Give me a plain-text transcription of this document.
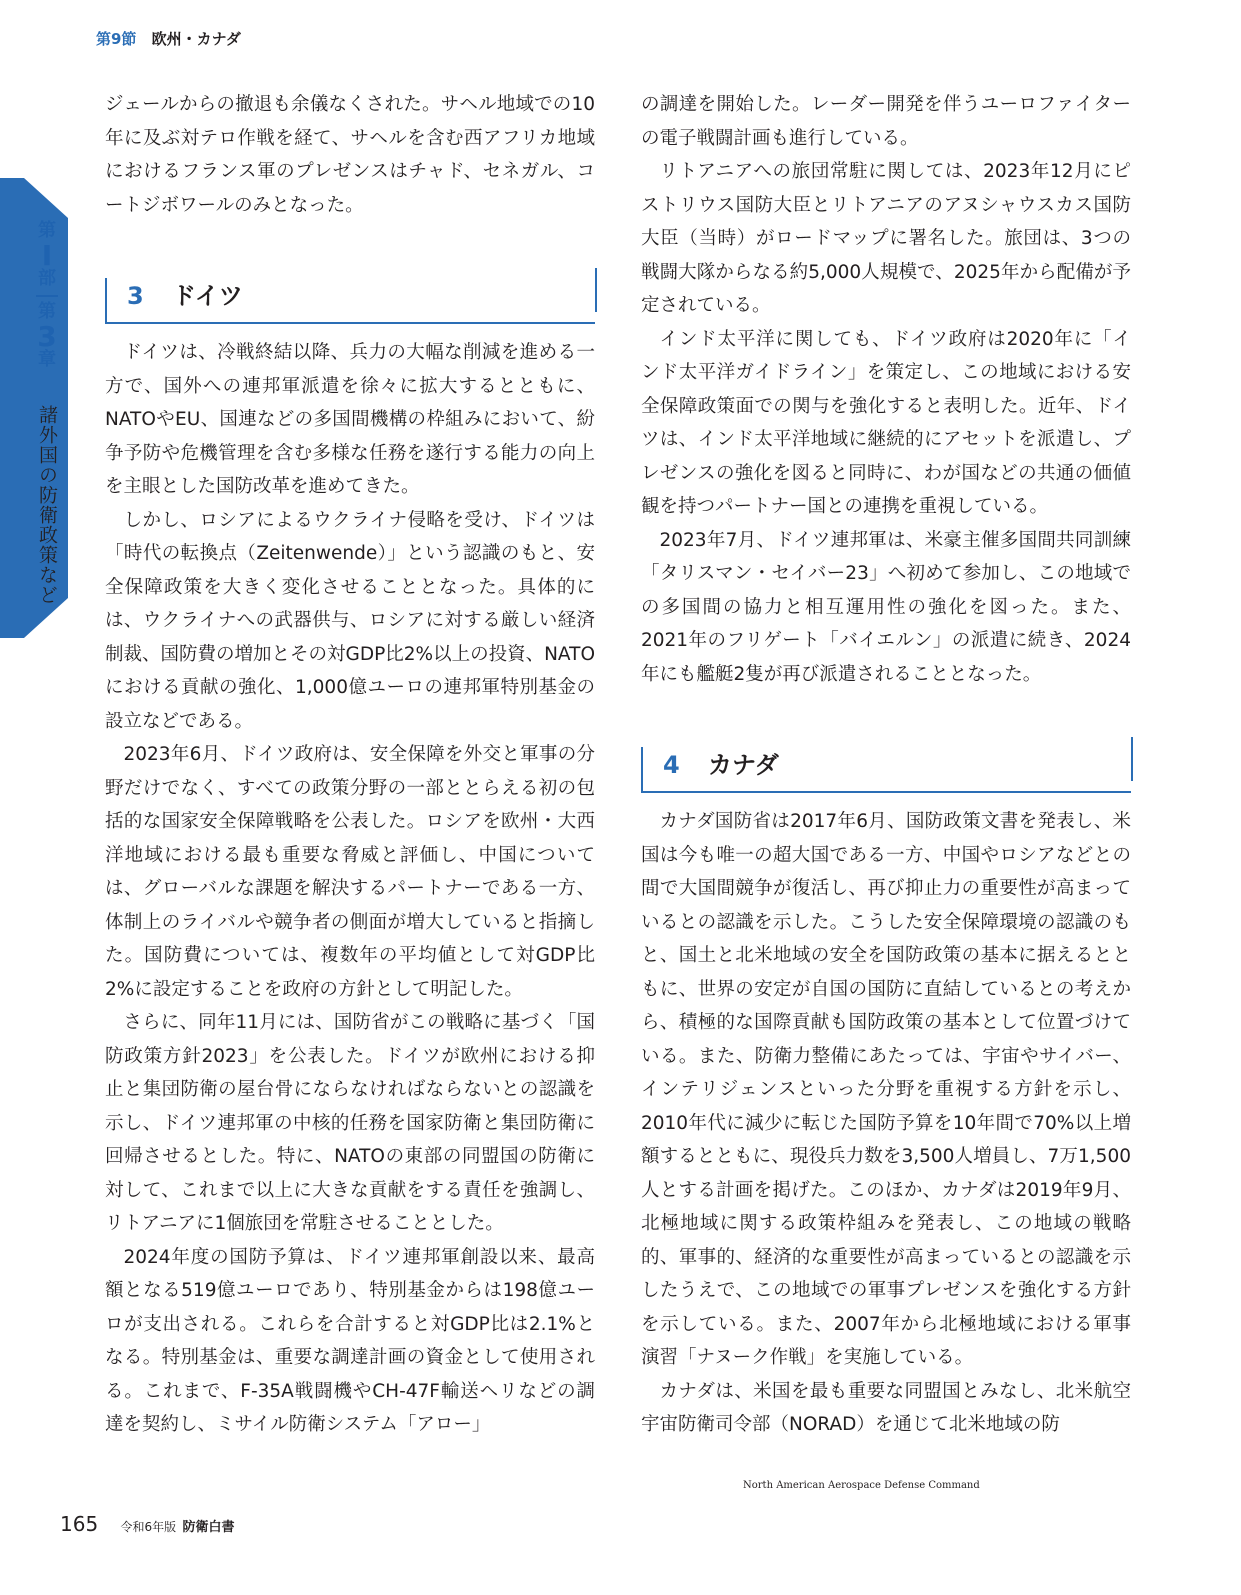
第9節 欧州・カナダ
第
I
部
第
3
章
諸外国の防衛政策など

ジェールからの撤退も余儀なくされた。サヘル地域での10年に及ぶ対テロ作戦を経て、サヘルを含む西アフリカ地域におけるフランス軍のプレゼンスはチャド、セネガル、コートジボワールのみとなった。

3 ドイツ

ドイツは、冷戦終結以降、兵力の大幅な削減を進める一方で、国外への連邦軍派遣を徐々に拡大するとともに、NATOやEU、国連などの多国間機構の枠組みにおいて、紛争予防や危機管理を含む多様な任務を遂行する能力の向上を主眼とした国防改革を進めてきた。

しかし、ロシアによるウクライナ侵略を受け、ドイツは「時代の転換点（Zeitenwende）」という認識のもと、安全保障政策を大きく変化させることとなった。具体的には、ウクライナへの武器供与、ロシアに対する厳しい経済制裁、国防費の増加とその対GDP比2%以上の投資、NATOにおける貢献の強化、1,000億ユーロの連邦軍特別基金の設立などである。

2023年6月、ドイツ政府は、安全保障を外交と軍事の分野だけでなく、すべての政策分野の一部ととらえる初の包括的な国家安全保障戦略を公表した。ロシアを欧州・大西洋地域における最も重要な脅威と評価し、中国については、グローバルな課題を解決するパートナーである一方、体制上のライバルや競争者の側面が増大していると指摘した。国防費については、複数年の平均値として対GDP比2%に設定することを政府の方針として明記した。

さらに、同年11月には、国防省がこの戦略に基づく「国防政策方針2023」を公表した。ドイツが欧州における抑止と集団防衛の屋台骨にならなければならないとの認識を示し、ドイツ連邦軍の中核的任務を国家防衛と集団防衛に回帰させるとした。特に、NATOの東部の同盟国の防衛に対して、これまで以上に大きな貢献をする責任を強調し、リトアニアに1個旅団を常駐させることとした。

2024年度の国防予算は、ドイツ連邦軍創設以来、最高額となる519億ユーロであり、特別基金からは198億ユーロが支出される。これらを合計すると対GDP比は2.1%となる。特別基金は、重要な調達計画の資金として使用される。これまで、F-35A戦闘機やCH-47F輸送ヘリなどの調達を契約し、ミサイル防衛システム「アロー」

の調達を開始した。レーダー開発を伴うユーロファイターの電子戦闘計画も進行している。

リトアニアへの旅団常駐に関しては、2023年12月にピストリウス国防大臣とリトアニアのアヌシャウスカス国防大臣（当時）がロードマップに署名した。旅団は、3つの戦闘大隊からなる約5,000人規模で、2025年から配備が予定されている。

インド太平洋に関しても、ドイツ政府は2020年に「インド太平洋ガイドライン」を策定し、この地域における安全保障政策面での関与を強化すると表明した。近年、ドイツは、インド太平洋地域に継続的にアセットを派遣し、プレゼンスの強化を図ると同時に、わが国などの共通の価値観を持つパートナー国との連携を重視している。

2023年7月、ドイツ連邦軍は、米豪主催多国間共同訓練「タリスマン・セイバー23」へ初めて参加し、この地域での多国間の協力と相互運用性の強化を図った。また、2021年のフリゲート「バイエルン」の派遣に続き、2024年にも艦艇2隻が再び派遣されることとなった。

4 カナダ

カナダ国防省は2017年6月、国防政策文書を発表し、米国は今も唯一の超大国である一方、中国やロシアなどとの間で大国間競争が復活し、再び抑止力の重要性が高まっているとの認識を示した。こうした安全保障環境の認識のもと、国土と北米地域の安全を国防政策の基本に据えるとともに、世界の安定が自国の国防に直結しているとの考えから、積極的な国際貢献も国防政策の基本として位置づけている。また、防衛力整備にあたっては、宇宙やサイバー、インテリジェンスといった分野を重視する方針を示し、2010年代に減少に転じた国防予算を10年間で70%以上増額するとともに、現役兵力数を3,500人増員し、7万1,500人とする計画を掲げた。このほか、カナダは2019年9月、北極地域に関する政策枠組みを発表し、この地域の戦略的、軍事的、経済的な重要性が高まっているとの認識を示したうえで、この地域での軍事プレゼンスを強化する方針を示している。また、2007年から北極地域における軍事演習「ナヌーク作戦」を実施している。

カナダは、米国を最も重要な同盟国とみなし、北米航空宇宙防衛司令部（NORAD）を通じて北米地域の防

North American Aerospace Defense Command
165 令和6年版 防衛白書
